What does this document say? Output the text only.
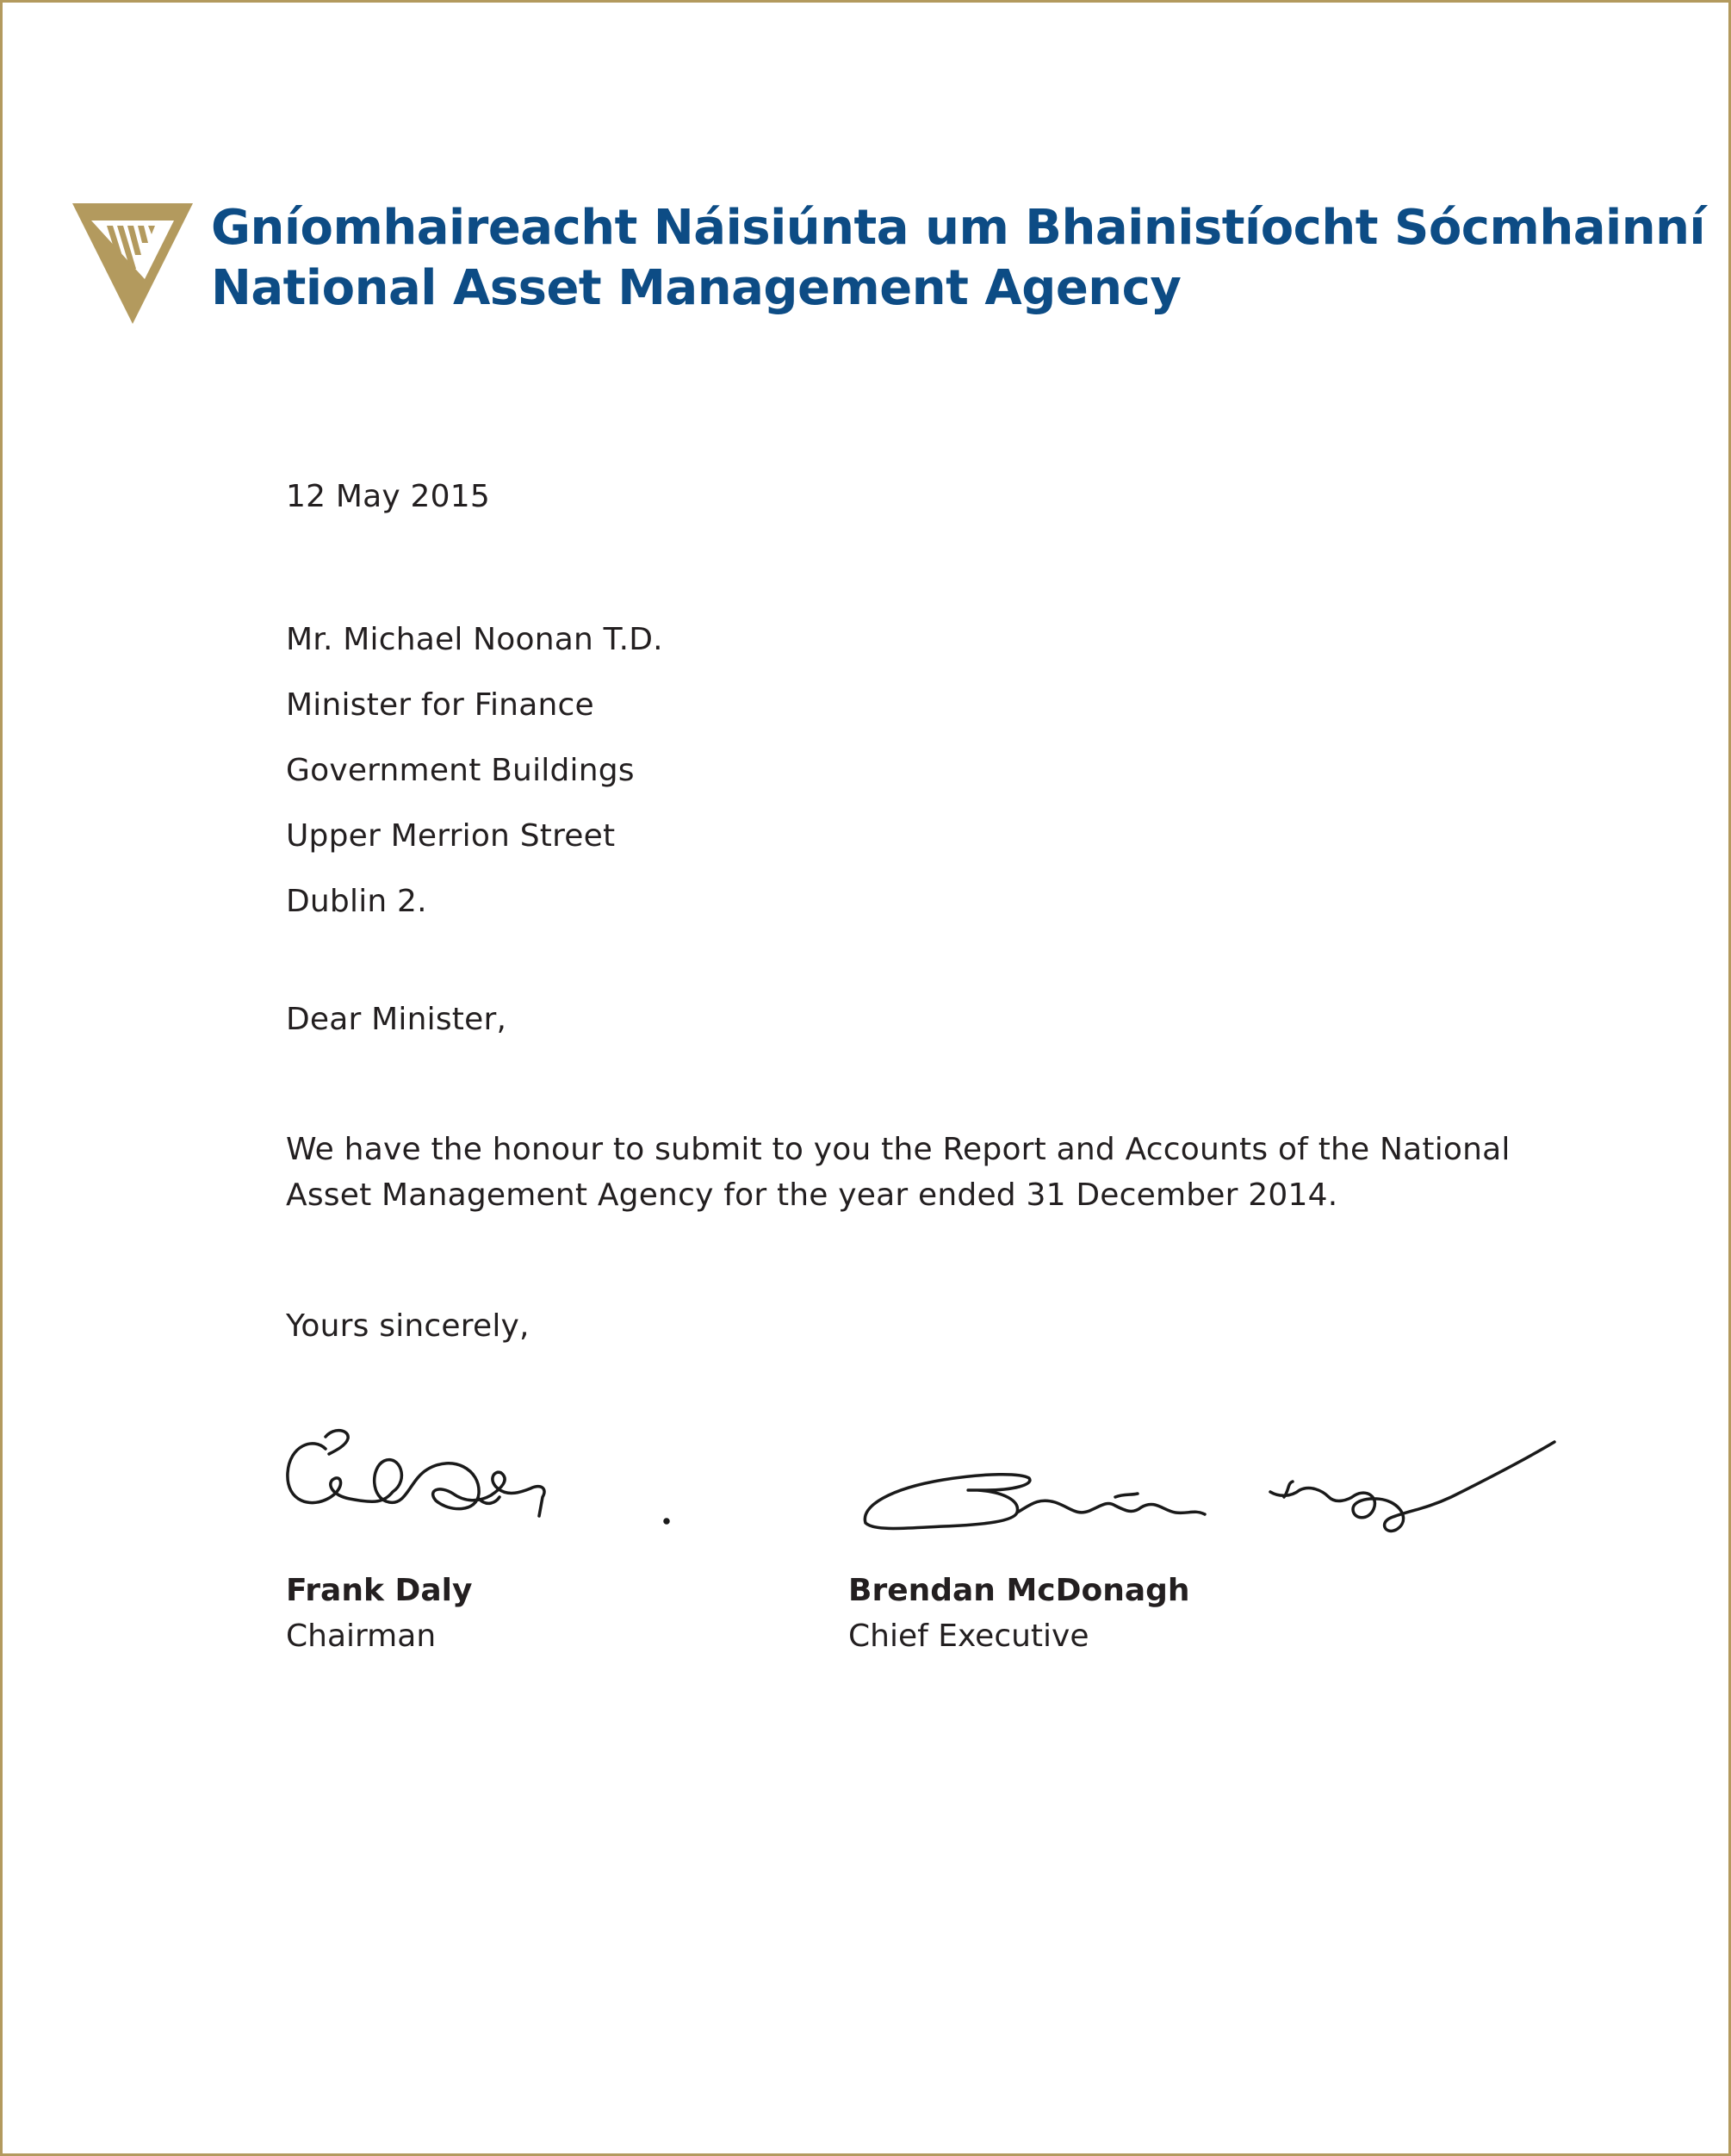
Gníomhaireacht Náisiúnta um Bhainistíocht Sócmhainní
National Asset Management Agency
12 May 2015
Mr. Michael Noonan T.D.
Minister for Finance
Government Buildings
Upper Merrion Street
Dublin 2.
Dear Minister,
We have the honour to submit to you the Report and Accounts of the National Asset Management Agency for the year ended 31 December 2014.
Yours sincerely,
Frank Daly
Chairman
Brendan McDonagh
Chief Executive
